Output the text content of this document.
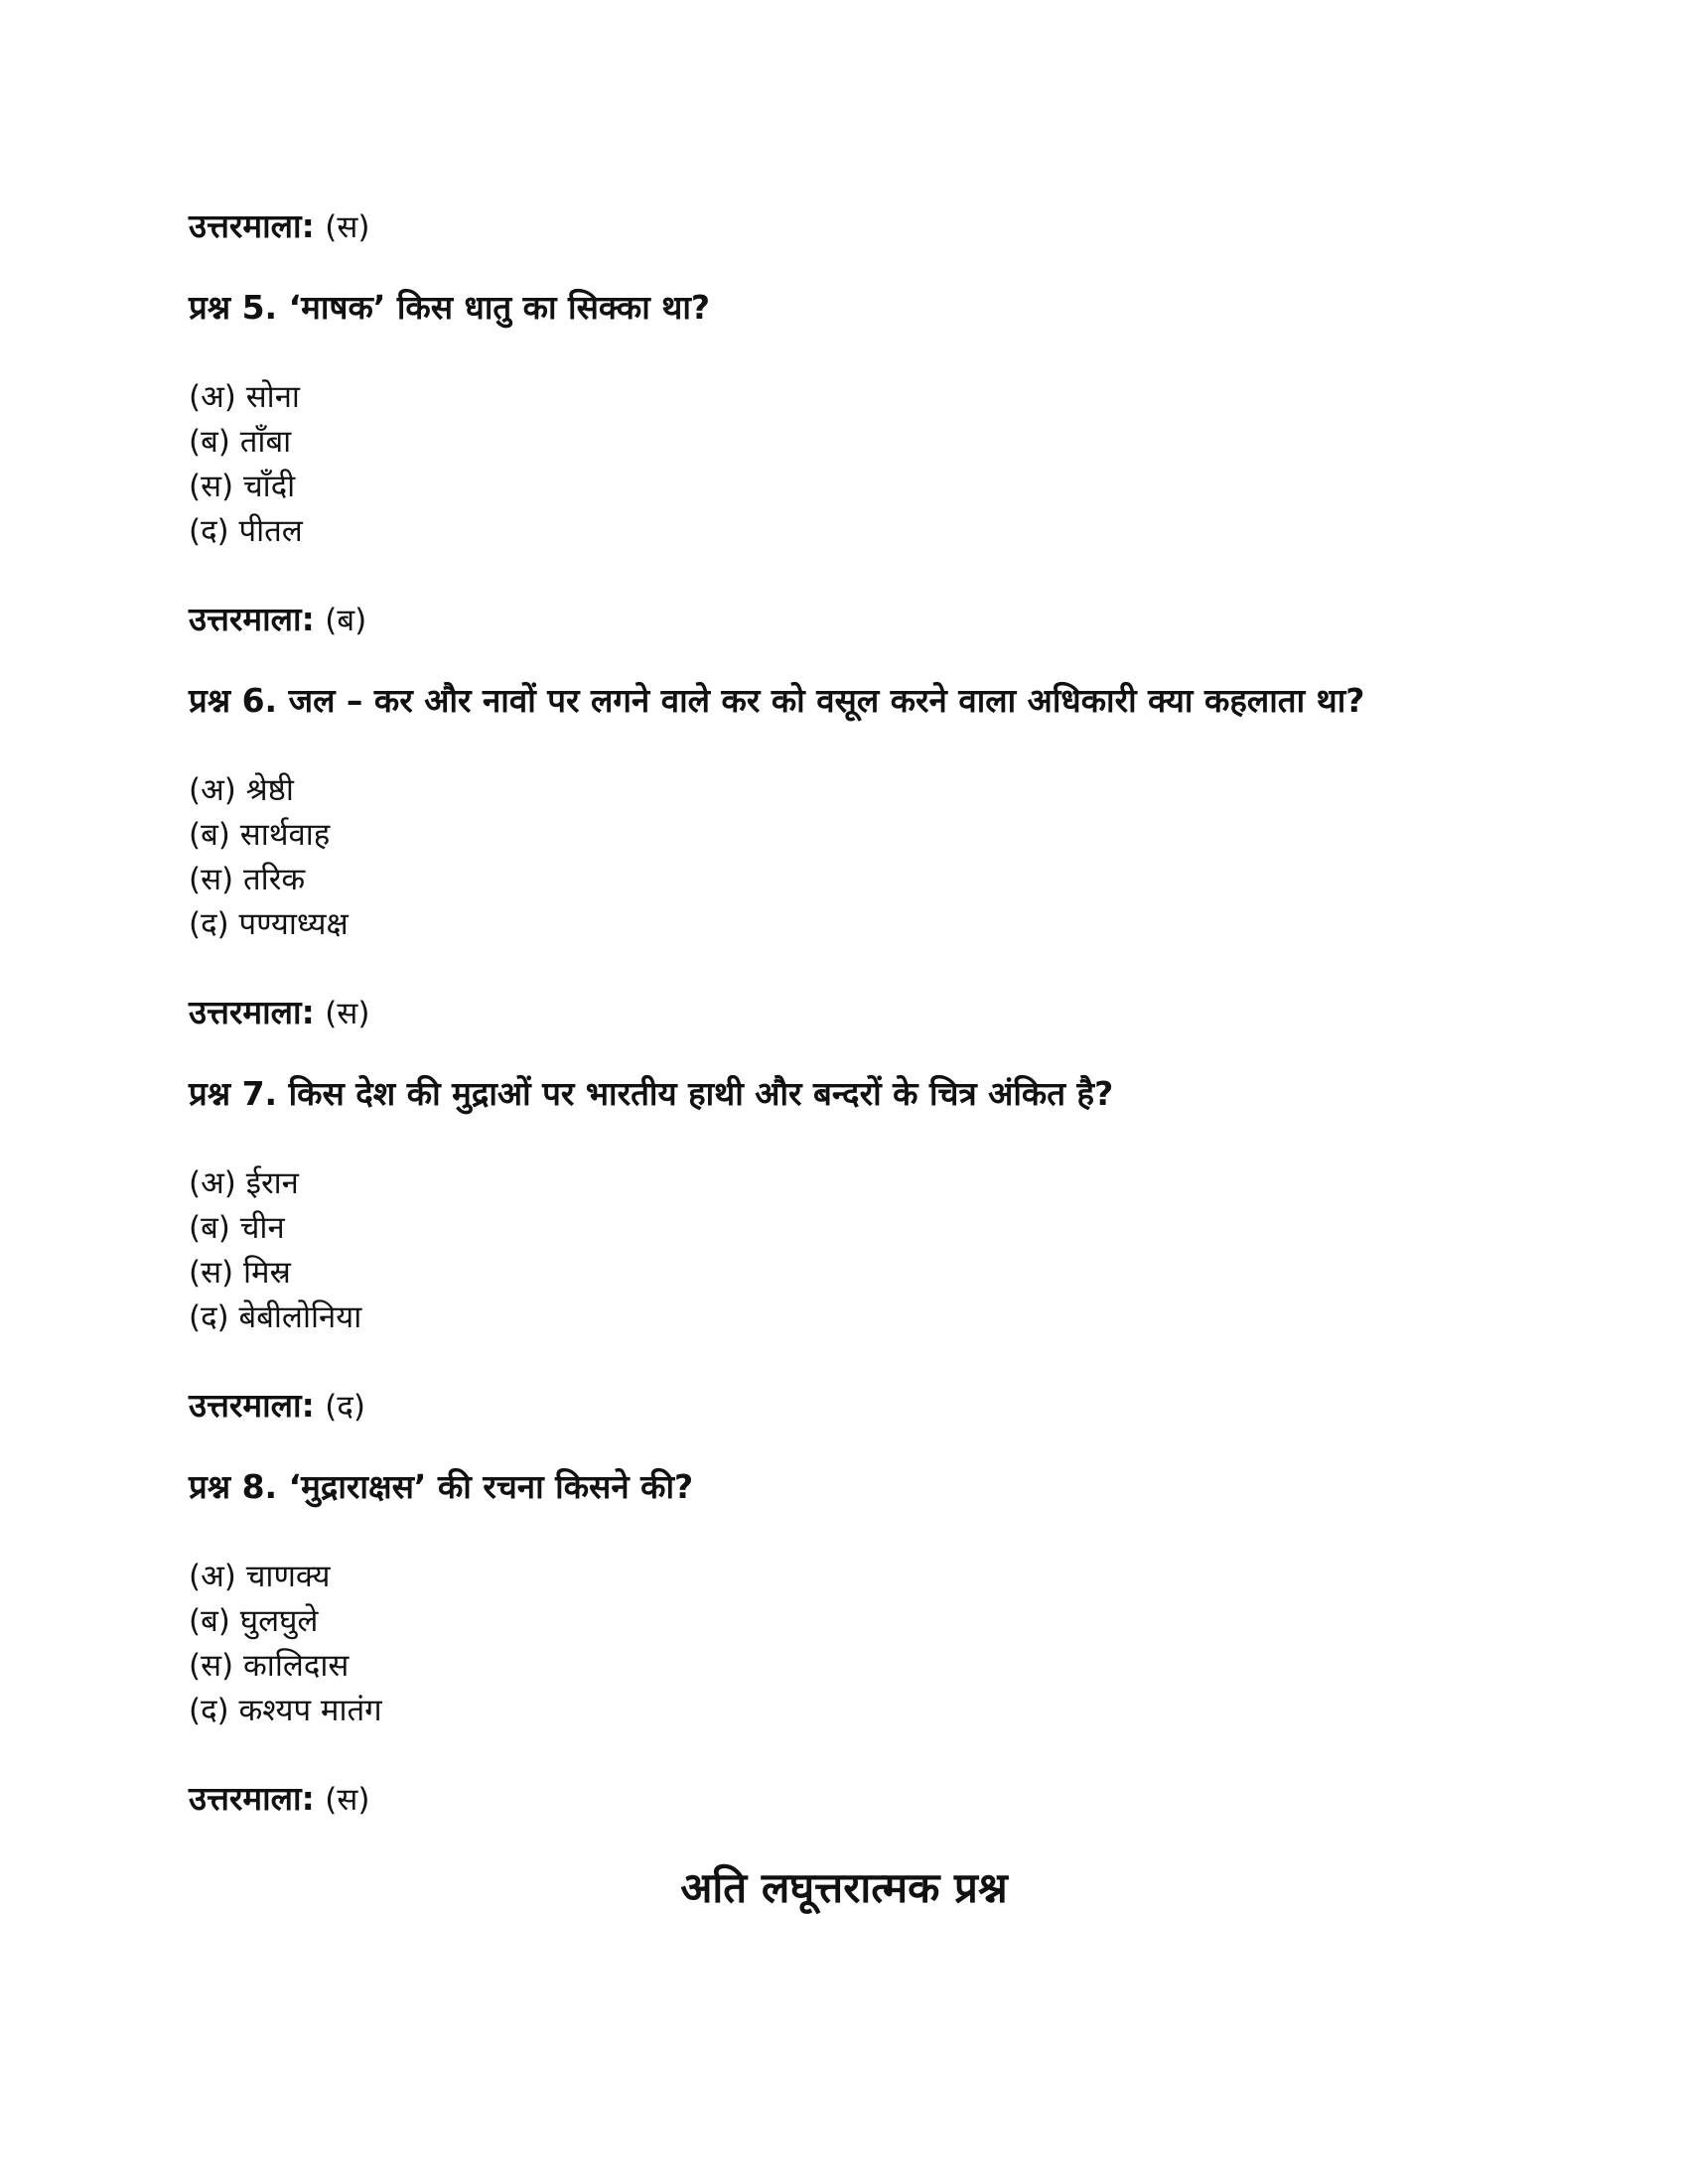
उत्तरमाला: (स)
प्रश्न 5. ‘माषक’ किस धातु का सिक्का था?
(अ) सोना
(ब) ताँबा
(स) चाँदी
(द) पीतल
उत्तरमाला: (ब)
प्रश्न 6. जल – कर और नावों पर लगने वाले कर को वसूल करने वाला अधिकारी क्या कहलाता था?
(अ) श्रेष्ठी
(ब) सार्थवाह
(स) तरिक
(द) पण्याध्यक्ष
उत्तरमाला: (स)
प्रश्न 7. किस देश की मुद्राओं पर भारतीय हाथी और बन्दरों के चित्र अंकित है?
(अ) ईरान
(ब) चीन
(स) मिस्र
(द) बेबीलोनिया
उत्तरमाला: (द)
प्रश्न 8. ‘मुद्राराक्षस’ की रचना किसने की?
(अ) चाणक्य
(ब) घुलघुले
(स) कालिदास
(द) कश्यप मातंग
उत्तरमाला: (स)
अति लघूत्तरात्मक प्रश्न
